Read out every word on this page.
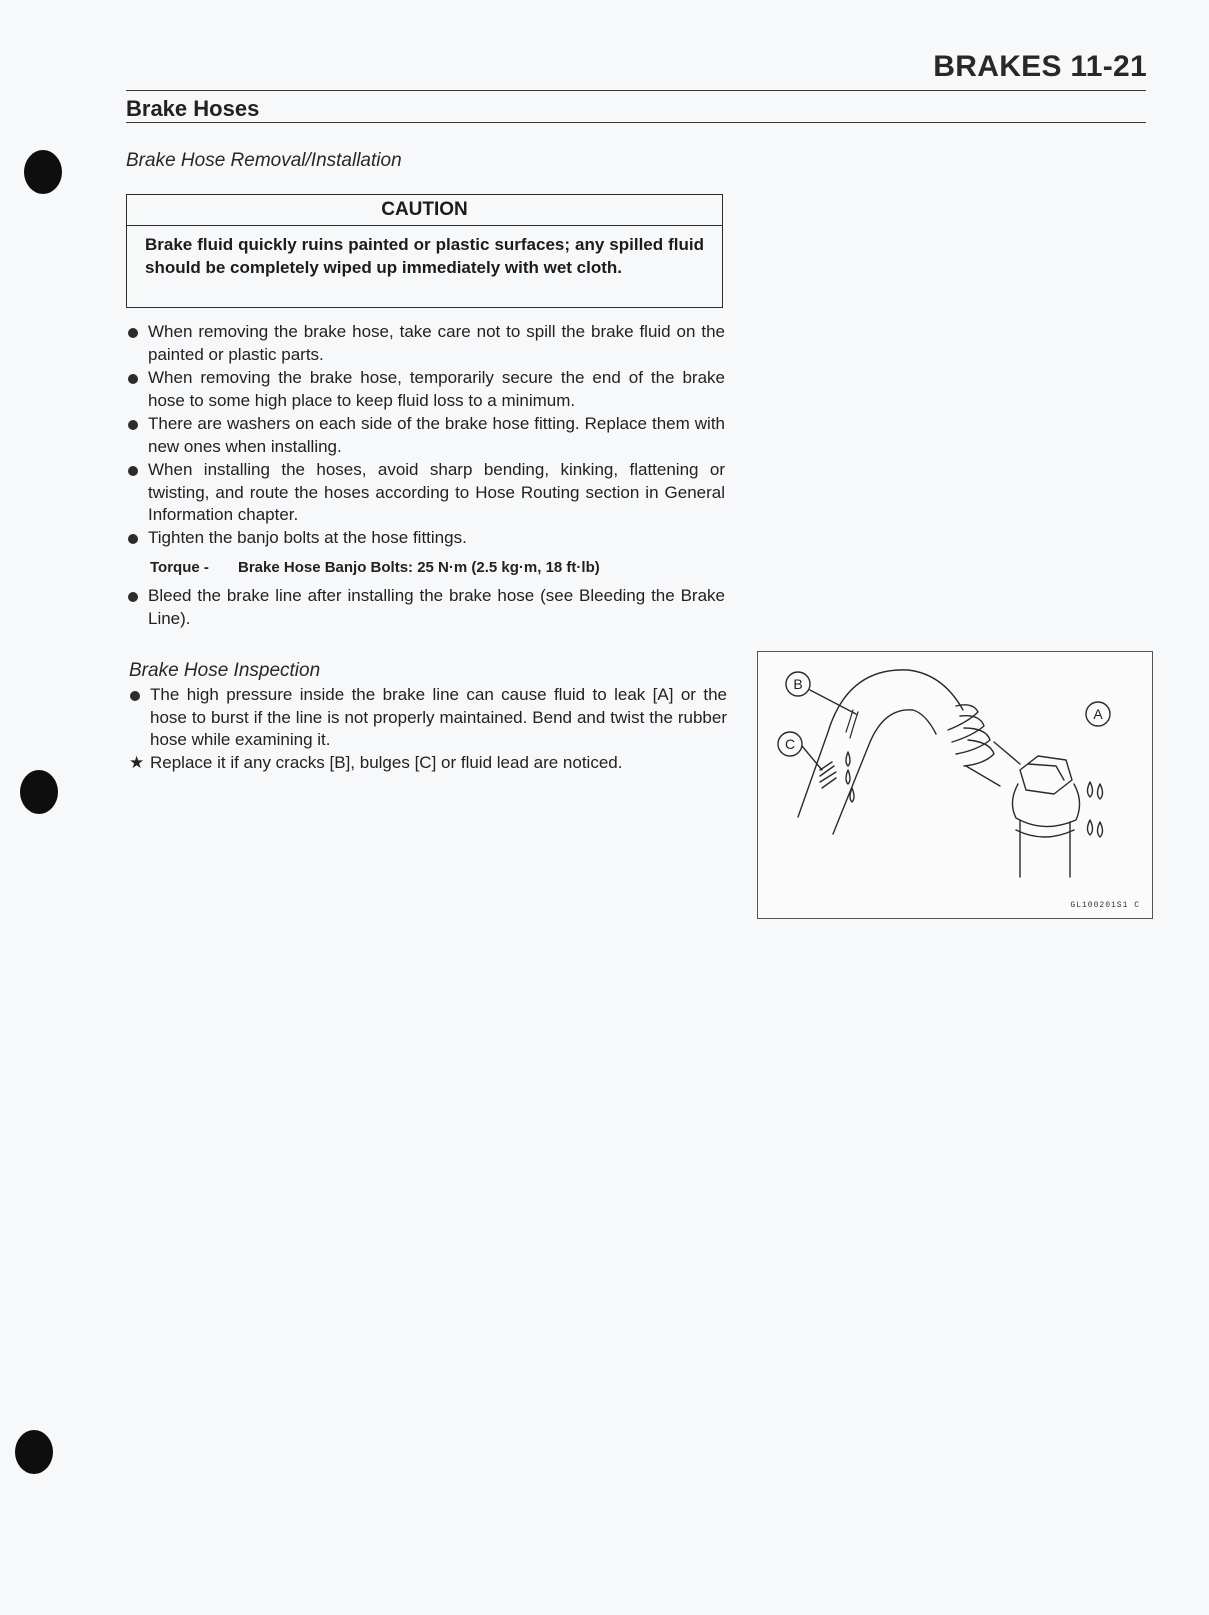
BRAKES 11-21
Brake Hoses
Brake Hose Removal/Installation
CAUTION
Brake fluid quickly ruins painted or plastic surfaces; any spilled fluid should be completely wiped up immediately with wet cloth.
When removing the brake hose, take care not to spill the brake fluid on the painted or plastic parts.
When removing the brake hose, temporarily secure the end of the brake hose to some high place to keep fluid loss to a minimum.
There are washers on each side of the brake hose fitting. Replace them with new ones when installing.
When installing the hoses, avoid sharp bending, kinking, flattening or twisting, and route the hoses according to Hose Routing section in General Information chapter.
Tighten the banjo bolts at the hose fittings.
Torque - Brake Hose Banjo Bolts: 25 N·m (2.5 kg·m, 18 ft·lb)
Bleed the brake line after installing the brake hose (see Bleeding the Brake Line).
Brake Hose Inspection
The high pressure inside the brake line can cause fluid to leak [A] or the hose to burst if the line is not properly maintained. Bend and twist the rubber hose while examining it.
★ Replace it if any cracks [B], bulges [C] or fluid lead are noticed.
B
C
A
GL100201S1 C
